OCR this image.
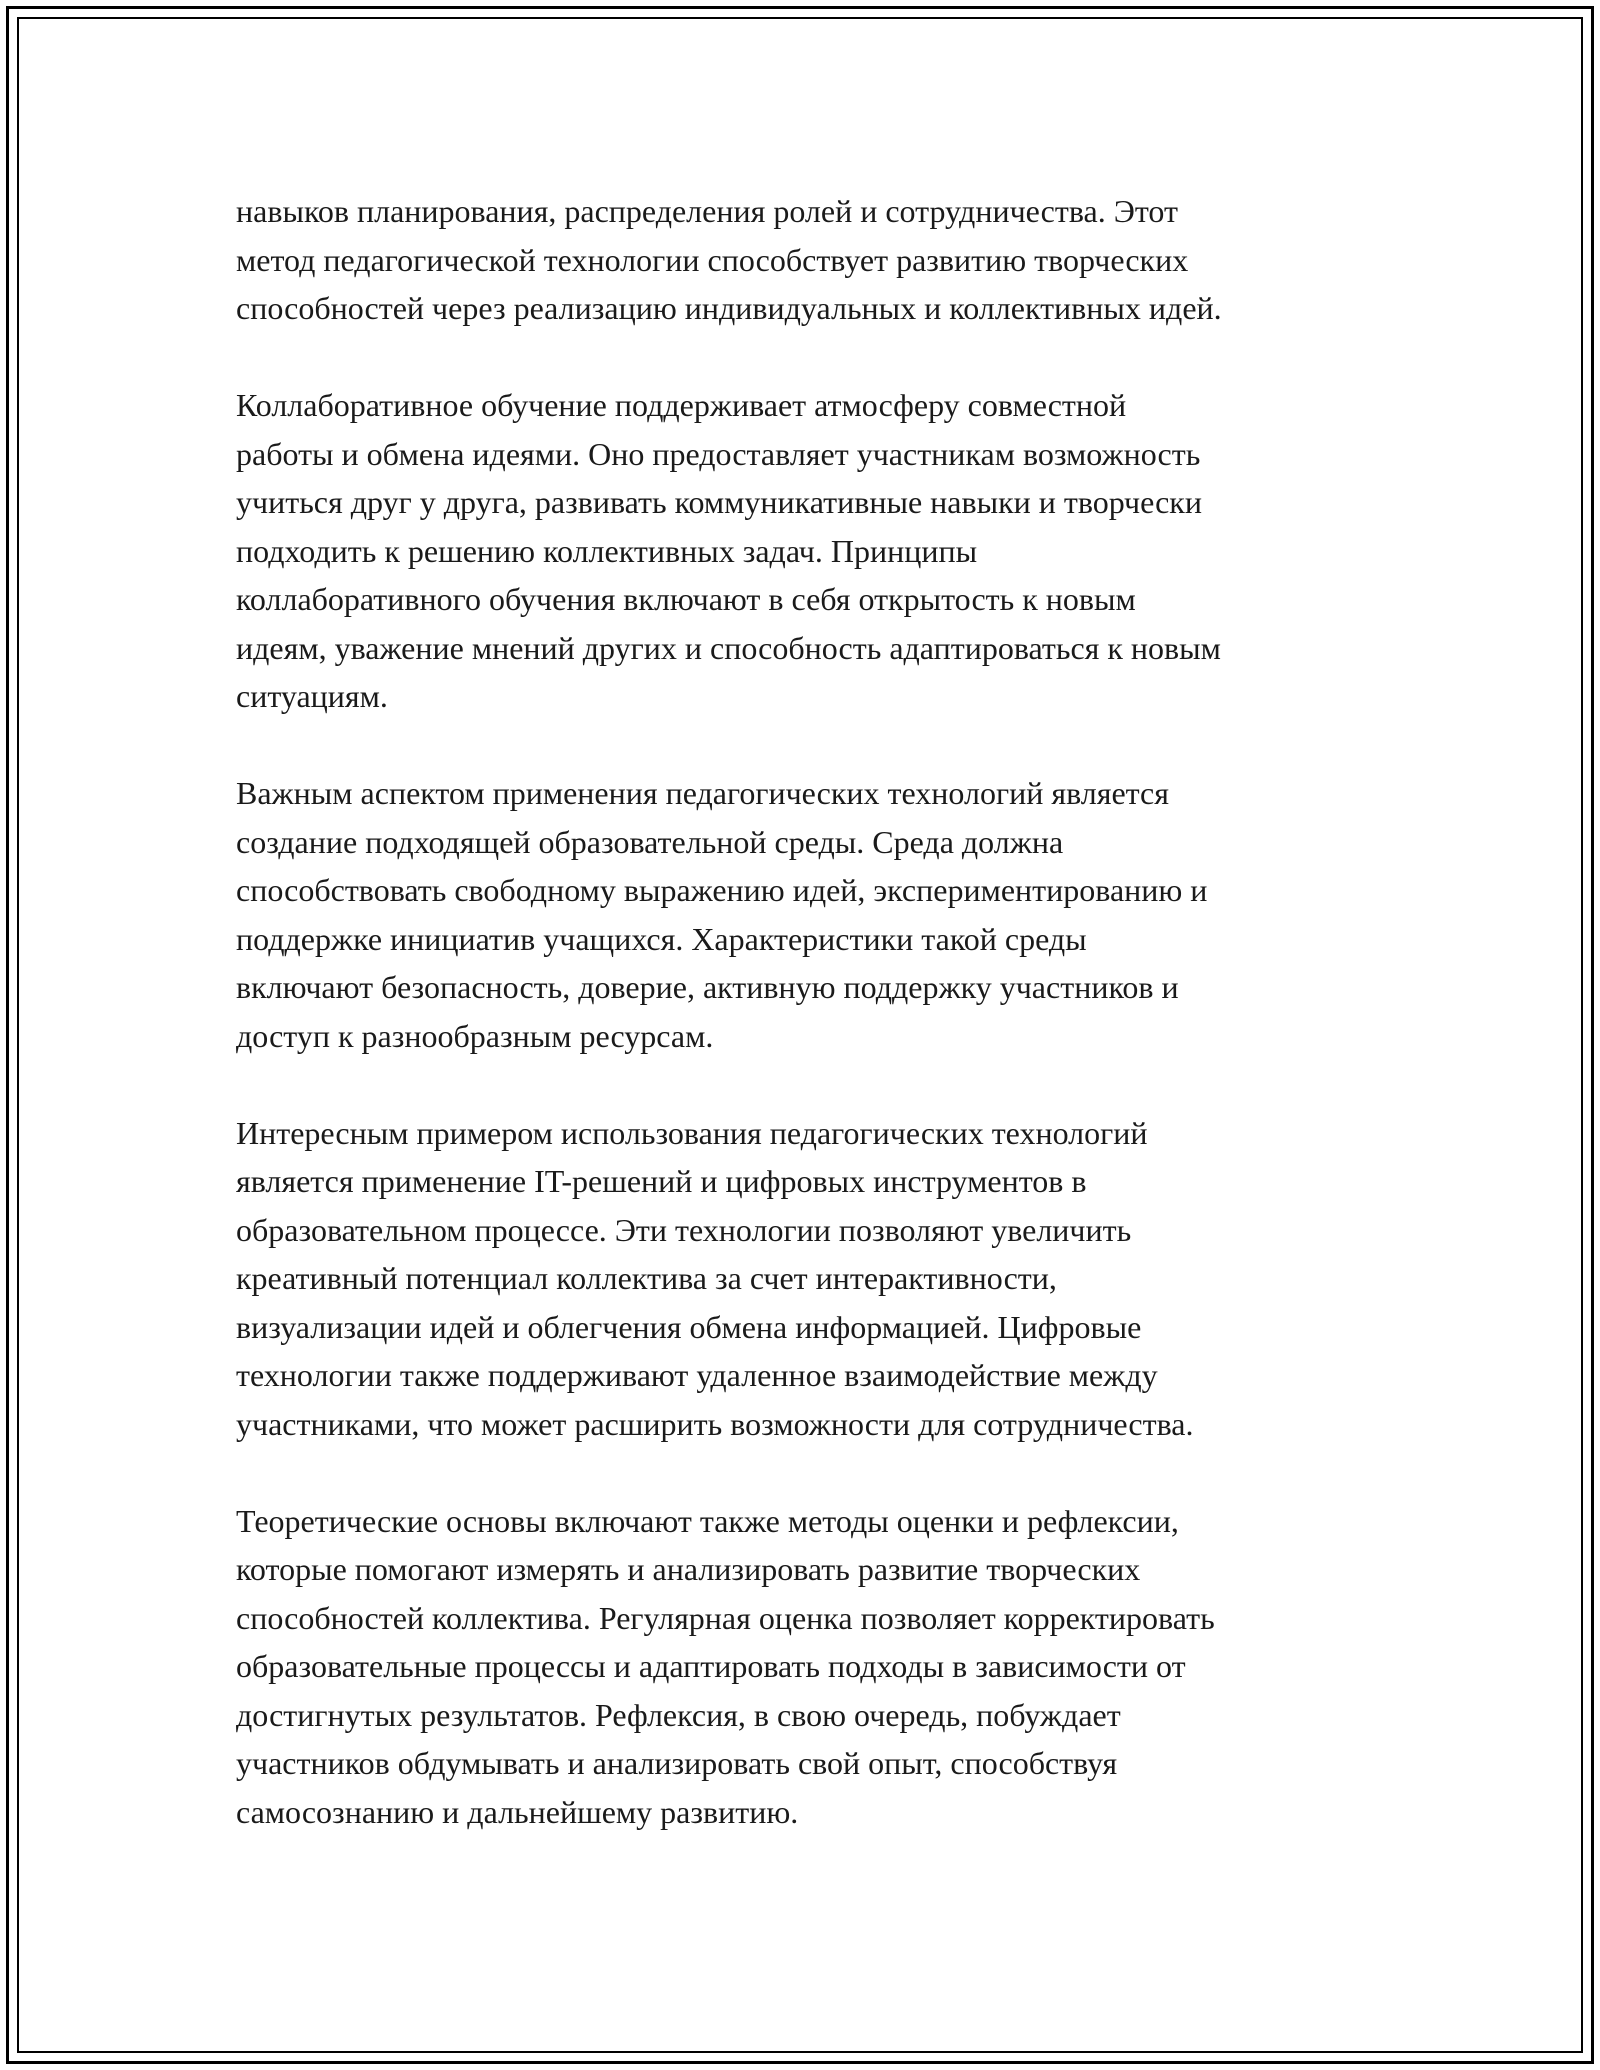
навыков планирования, распределения ролей и сотрудничества. Этот
метод педагогической технологии способствует развитию творческих
способностей через реализацию индивидуальных и коллективных идей.

Коллаборативное обучение поддерживает атмосферу совместной
работы и обмена идеями. Оно предоставляет участникам возможность
учиться друг у друга, развивать коммуникативные навыки и творчески
подходить к решению коллективных задач. Принципы
коллаборативного обучения включают в себя открытость к новым
идеям, уважение мнений других и способность адаптироваться к новым
ситуациям.

Важным аспектом применения педагогических технологий является
создание подходящей образовательной среды. Среда должна
способствовать свободному выражению идей, экспериментированию и
поддержке инициатив учащихся. Характеристики такой среды
включают безопасность, доверие, активную поддержку участников и
доступ к разнообразным ресурсам.

Интересным примером использования педагогических технологий
является применение IT-решений и цифровых инструментов в
образовательном процессе. Эти технологии позволяют увеличить
креативный потенциал коллектива за счет интерактивности,
визуализации идей и облегчения обмена информацией. Цифровые
технологии также поддерживают удаленное взаимодействие между
участниками, что может расширить возможности для сотрудничества.

Теоретические основы включают также методы оценки и рефлексии,
которые помогают измерять и анализировать развитие творческих
способностей коллектива. Регулярная оценка позволяет корректировать
образовательные процессы и адаптировать подходы в зависимости от
достигнутых результатов. Рефлексия, в свою очередь, побуждает
участников обдумывать и анализировать свой опыт, способствуя
самосознанию и дальнейшему развитию.
